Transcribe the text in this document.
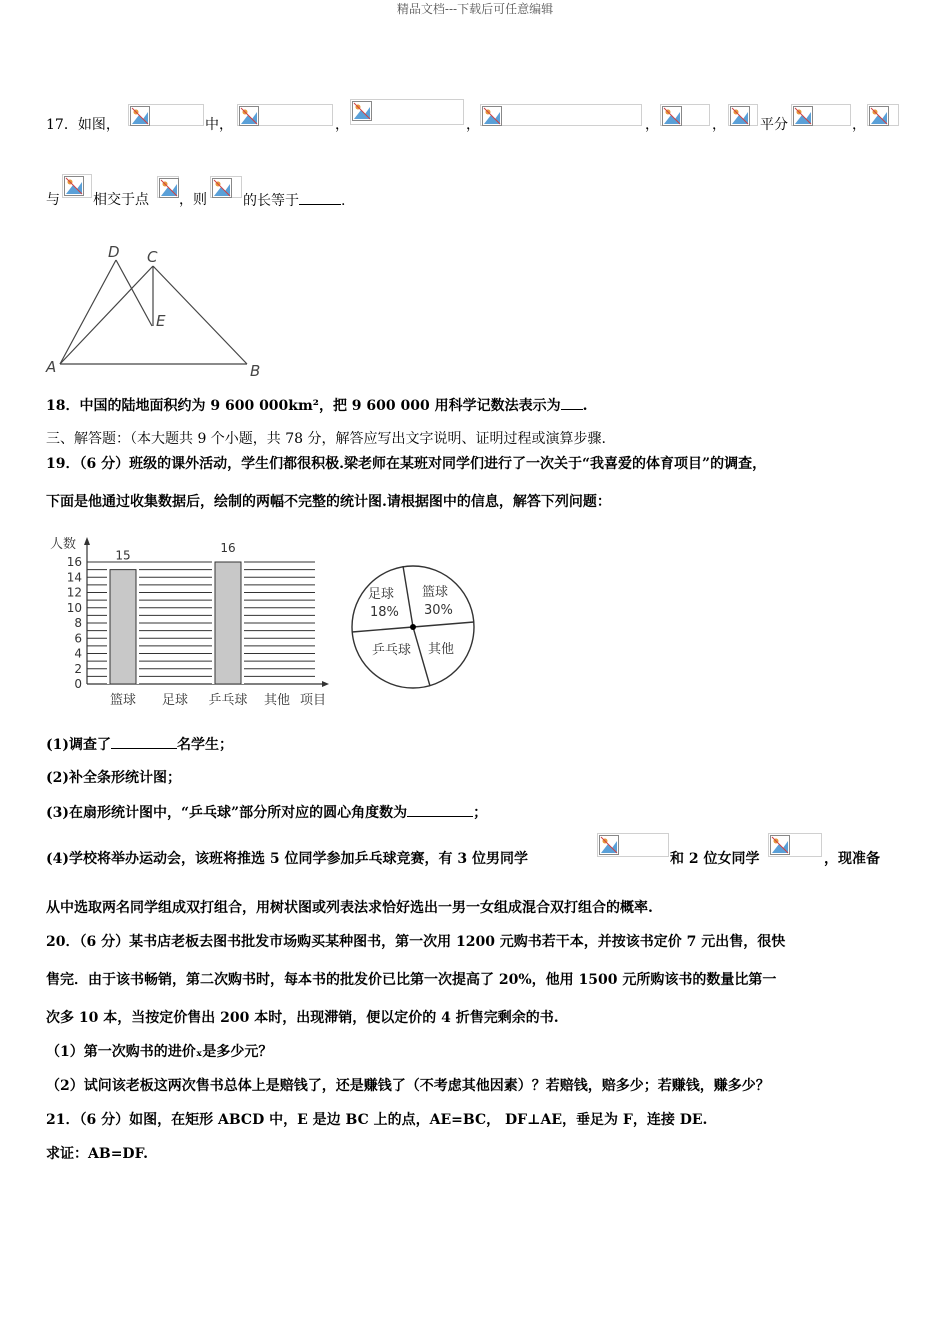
精品文档---下载后可任意编辑
17．如图，	中，	，	，	，	， 平分	，
与 相交于点 ，则	的长等于	.
D C
E
A	B
18．中国的陆地面积约为 9 600 000km²，把 9 600 000 用科学记数法表示为 .
三、解答题：（本大题共 9 个小题，共 78 分，解答应写出文字说明、证明过程或演算步骤.
19．（6 分）班级的课外活动，学生们都很积极.梁老师在某班对同学们进行了一次关于“我喜爱的体育项目”的调查，
下面是他通过收集数据后，绘制的两幅不完整的统计图.请根据图中的信息，解答下列问题：
0
2
4
6
8
10
12
14
16
人数
项目
篮球
15
足球 乒乓球
16
其他
篮球
30%
其他
乒乓球
足球
18%
(1)调查了	名学生；
(2)补全条形统计图；
(3)在扇形统计图中，“乒乓球”部分所对应的圆心角度数为	；
(4)学校将举办运动会，该班将推选 5 位同学参加乒乓球竞赛，有 3 位男同学	和 2 位女同学	，现准备
从中选取两名同学组成双打组合，用树状图或列表法求恰好选出一男一女组成混合双打组合的概率.
20．（6 分）某书店老板去图书批发市场购买某种图书，第一次用 1200 元购书若干本，并按该书定价 7 元出售，很快
售完．由于该书畅销，第二次购书时，每本书的批发价已比第一次提高了 20%，他用 1500 元所购该书的数量比第一
次多 10 本，当按定价售出 200 本时，出现滞销，便以定价的 4 折售完剩余的书.
（1）第一次购书的进价ₓ是多少元？
（2）试问该老板这两次售书总体上是赔钱了，还是赚钱了（不考虑其他因素）？若赔钱，赔多少；若赚钱，赚多少？
21．（6 分）如图，在矩形 ABCD 中，E 是边 BC 上的点，AE=BC， DF⊥AE，垂足为 F，连接 DE.
求证：AB=DF.
